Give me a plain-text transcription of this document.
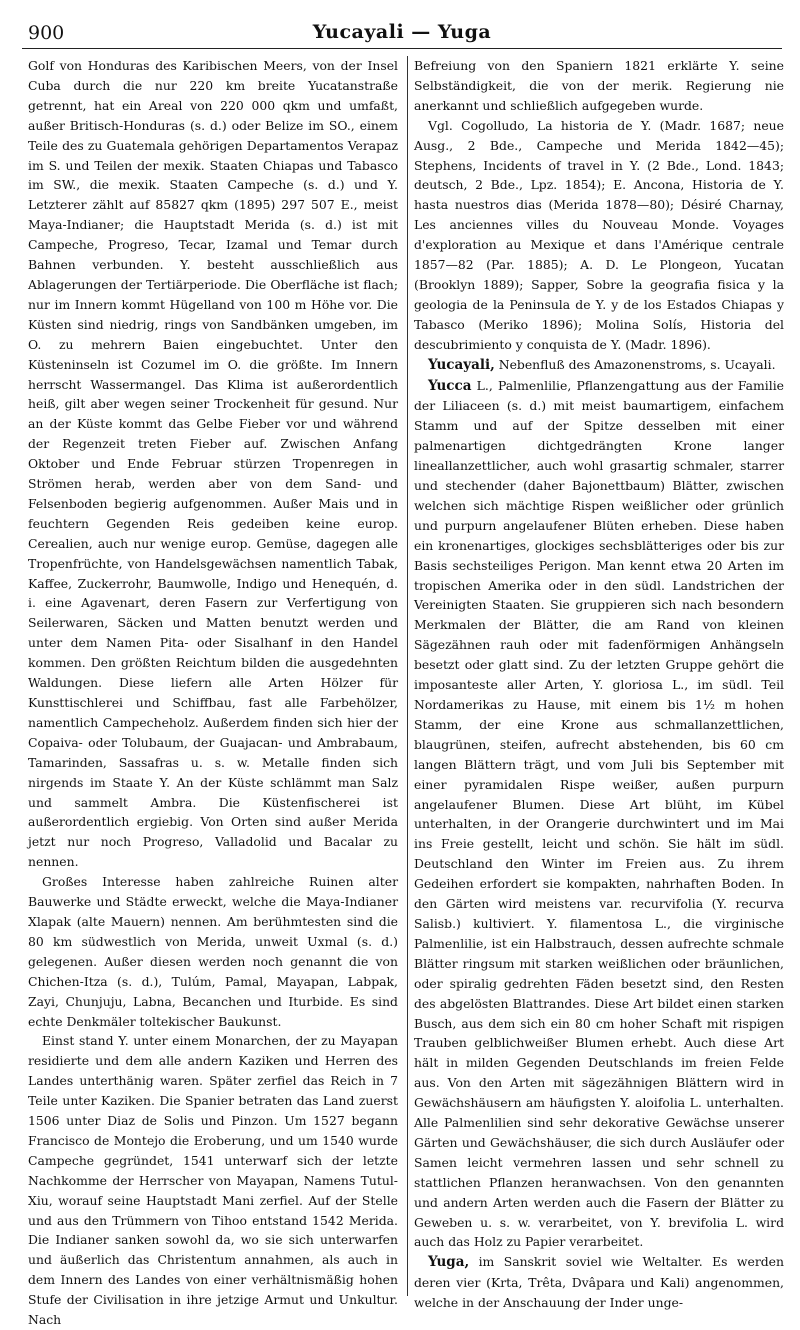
900	Yucayali — Yuga

Golf von Honduras des Karibischen Meers, von der Insel Cuba durch die nur 220 km breite Yucatanstraße getrennt, hat ein Areal von 220 000 qkm und umfaßt, außer Britisch-Honduras (s. d.) oder Belize im SO., einem Teile des zu Guatemala gehörigen Departamentos Verapaz im S. und Teilen der mexik. Staaten Chiapas und Tabasco im SW., die mexik. Staaten Campeche (s. d.) und Y. Letzterer zählt auf 85827 qkm (1895) 297 507 E., meist Maya-Indianer; die Hauptstadt Merida (s. d.) ist mit Campeche, Progreso, Tecar, Izamal und Temar durch Bahnen verbunden. Y. besteht ausschließlich aus Ablagerungen der Tertiärperiode. Die Oberfläche ist flach; nur im Innern kommt Hügelland von 100 m Höhe vor. Die Küsten sind niedrig, rings von Sandbänken umgeben, im O. zu mehrern Baien eingebuchtet. Unter den Küsteninseln ist Cozumel im O. die größte. Im Innern herrscht Wassermangel. Das Klima ist außerordentlich heiß, gilt aber wegen seiner Trockenheit für gesund. Nur an der Küste kommt das Gelbe Fieber vor und während der Regenzeit treten Fieber auf. Zwischen Anfang Oktober und Ende Februar stürzen Tropenregen in Strömen herab, werden aber von dem Sand- und Felsenboden begierig aufgenommen. Außer Mais und in feuchtern Gegenden Reis gedeiben keine europ. Cerealien, auch nur wenige europ. Gemüse, dagegen alle Tropenfrüchte, von Handelsgewächsen namentlich Tabak, Kaffee, Zuckerrohr, Baumwolle, Indigo und Henequén, d. i. eine Agavenart, deren Fasern zur Verfertigung von Seilerwaren, Säcken und Matten benutzt werden und unter dem Namen Pita- oder Sisalhanf in den Handel kommen. Den größten Reichtum bilden die ausgedehnten Waldungen. Diese liefern alle Arten Hölzer für Kunsttischlerei und Schiffbau, fast alle Farbehölzer, namentlich Campecheholz. Außerdem finden sich hier der Copaiva- oder Tolubaum, der Guajacan- und Ambrabaum, Tamarinden, Sassafras u. s. w. Metalle finden sich nirgends im Staate Y. An der Küste schlämmt man Salz und sammelt Ambra. Die Küstenfischerei ist außerordentlich ergiebig. Von Orten sind außer Merida jetzt nur noch Progreso, Valladolid und Bacalar zu nennen.

Großes Interesse haben zahlreiche Ruinen alter Bauwerke und Städte erweckt, welche die Maya-Indianer Xlapak (alte Mauern) nennen. Am berühmtesten sind die 80 km südwestlich von Merida, unweit Uxmal (s. d.) gelegenen. Außer diesen werden noch genannt die von Chichen-Itza (s. d.), Tulúm, Pamal, Mayapan, Labpak, Zayi, Chunjuju, Labna, Becanchen und Iturbide. Es sind echte Denkmäler toltekischer Baukunst.

Einst stand Y. unter einem Monarchen, der zu Mayapan residierte und dem alle andern Kaziken und Herren des Landes unterthänig waren. Später zerfiel das Reich in 7 Teile unter Kaziken. Die Spanier betraten das Land zuerst 1506 unter Diaz de Solis und Pinzon. Um 1527 begann Francisco de Montejo die Eroberung, und um 1540 wurde Campeche gegründet, 1541 unterwarf sich der letzte Nachkomme der Herrscher von Mayapan, Namens Tutul-Xiu, worauf seine Hauptstadt Mani zerfiel. Auf der Stelle und aus den Trümmern von Tihoo entstand 1542 Merida. Die Indianer sanken sowohl da, wo sie sich unterwarfen und äußerlich das Christentum annahmen, als auch in dem Innern des Landes von einer verhältnismäßig hohen Stufe der Civilisation in ihre jetzige Armut und Unkultur. Nach

Befreiung von den Spaniern 1821 erklärte Y. seine Selbständigkeit, die von der merik. Regierung nie anerkannt und schließlich aufgegeben wurde.

Vgl. Cogolludo, La historia de Y. (Madr. 1687; neue Ausg., 2 Bde., Campeche und Merida 1842—45); Stephens, Incidents of travel in Y. (2 Bde., Lond. 1843; deutsch, 2 Bde., Lpz. 1854); E. Ancona, Historia de Y. hasta nuestros dias (Merida 1878—80); Désiré Charnay, Les anciennes villes du Nouveau Monde. Voyages d'exploration au Mexique et dans l'Amérique centrale 1857—82 (Par. 1885); A. D. Le Plongeon, Yucatan (Brooklyn 1889); Sapper, Sobre la geografia fisica y la geologia de la Peninsula de Y. y de los Estados Chiapas y Tabasco (Meriko 1896); Molina Solís, Historia del descubrimiento y conquista de Y. (Madr. 1896).

Yucayali, Nebenfluß des Amazonenstroms, s. Ucayali.

Yucca L., Palmenlilie, Pflanzengattung aus der Familie der Liliaceen (s. d.) mit meist baumartigem, einfachem Stamm und auf der Spitze desselben mit einer palmenartigen dichtgedrängten Krone langer lineallanzettlicher, auch wohl grasartig schmaler, starrer und stechender (daher Bajonettbaum) Blätter, zwischen welchen sich mächtige Rispen weißlicher oder grünlich und purpurn angelaufener Blüten erheben. Diese haben ein kronenartiges, glockiges sechsblätteriges oder bis zur Basis sechsteiliges Perigon. Man kennt etwa 20 Arten im tropischen Amerika oder in den südl. Landstrichen der Vereinigten Staaten. Sie gruppieren sich nach besondern Merkmalen der Blätter, die am Rand von kleinen Sägezähnen rauh oder mit fadenförmigen Anhängseln besetzt oder glatt sind. Zu der letzten Gruppe gehört die imposanteste aller Arten, Y. gloriosa L., im südl. Teil Nordamerikas zu Hause, mit einem bis 1½ m hohen Stamm, der eine Krone aus schmallanzettlichen, blaugrünen, steifen, aufrecht abstehenden, bis 60 cm langen Blättern trägt, und vom Juli bis September mit einer pyramidalen Rispe weißer, außen purpurn angelaufener Blumen. Diese Art blüht, im Kübel unterhalten, in der Orangerie durchwintert und im Mai ins Freie gestellt, leicht und schön. Sie hält im südl. Deutschland den Winter im Freien aus. Zu ihrem Gedeihen erfordert sie kompakten, nahrhaften Boden. In den Gärten wird meistens var. recurvifolia (Y. recurva Salisb.) kultiviert. Y. filamentosa L., die virginische Palmenlilie, ist ein Halbstrauch, dessen aufrechte schmale Blätter ringsum mit starken weißlichen oder bräunlichen, oder spiralig gedrehten Fäden besetzt sind, den Resten des abgelösten Blattrandes. Diese Art bildet einen starken Busch, aus dem sich ein 80 cm hoher Schaft mit rispigen Trauben gelblichweißer Blumen erhebt. Auch diese Art hält in milden Gegenden Deutschlands im freien Felde aus. Von den Arten mit sägezähnigen Blättern wird in Gewächshäusern am häufigsten Y. aloifolia L. unterhalten. Alle Palmenlilien sind sehr dekorative Gewächse unserer Gärten und Gewächshäuser, die sich durch Ausläufer oder Samen leicht vermehren lassen und sehr schnell zu stattlichen Pflanzen heranwachsen. Von den genannten und andern Arten werden auch die Fasern der Blätter zu Geweben u. s. w. verarbeitet, von Y. brevifolia L. wird auch das Holz zu Papier verarbeitet.

Yuga, im Sanskrit soviel wie Weltalter. Es werden deren vier (Krta, Trêta, Dvâpara und Kali) angenommen, welche in der Anschauung der Inder unge-
